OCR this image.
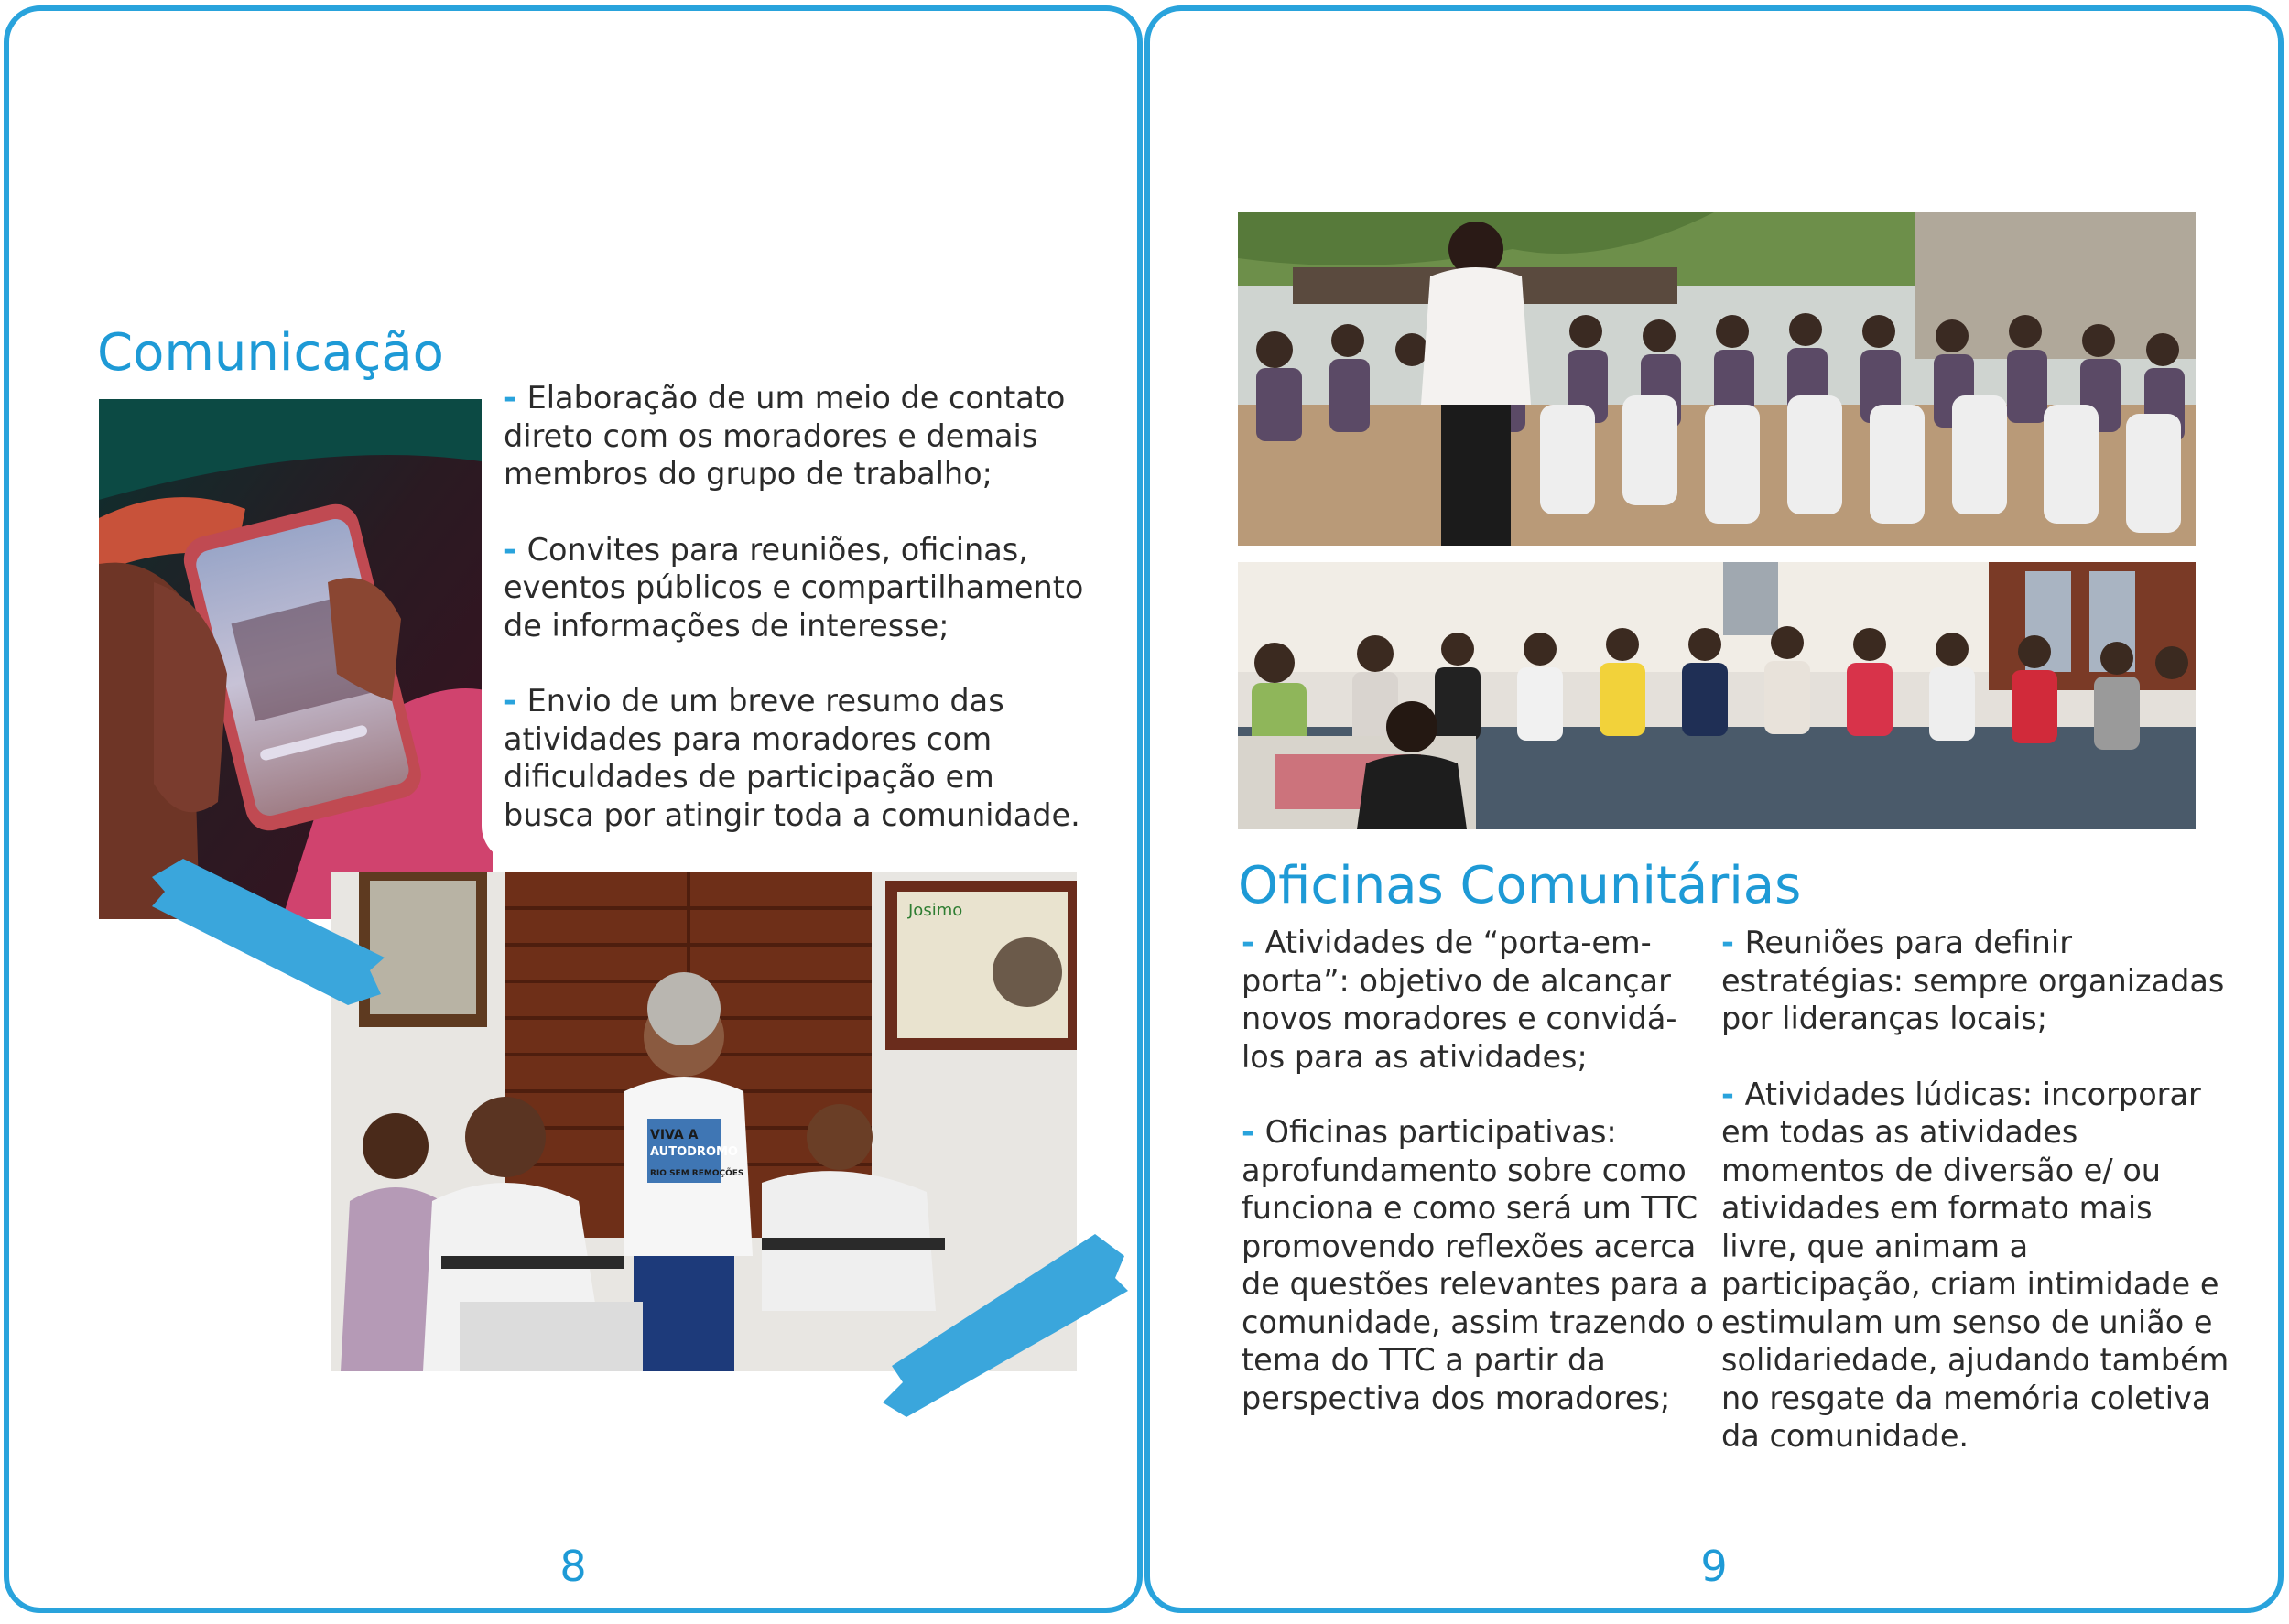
Comunicação
- Elaboração de um meio de contato direto com os moradores e demais membros do grupo de trabalho;
- Convites para reuniões, oficinas, eventos públicos e compartilhamento de informações de interesse;
- Envio de um breve resumo das atividades para moradores com dificuldades de participação em busca por atingir toda a comunidade.
Josimo
VIVA A
AUTODROMO
RIO SEM REMOÇÕES

8

Oficinas Comunitárias
- Atividades de “porta-em-porta”: objetivo de alcançar novos moradores e convidá-los para as atividades;
- Oficinas participativas: aprofundamento sobre como funciona e como será um TTC promovendo reflexões acerca de questões relevantes para a comunidade, assim trazendo o tema do TTC a partir da perspectiva dos moradores;
- Reuniões para definir estratégias: sempre organizadas por lideranças locais;
- Atividades lúdicas: incorporar em todas as atividades momentos de diversão e/ ou atividades em formato mais livre, que animam a participação, criam intimidade e estimulam um senso de união e solidariedade, ajudando também no resgate da memória coletiva da comunidade.

9
